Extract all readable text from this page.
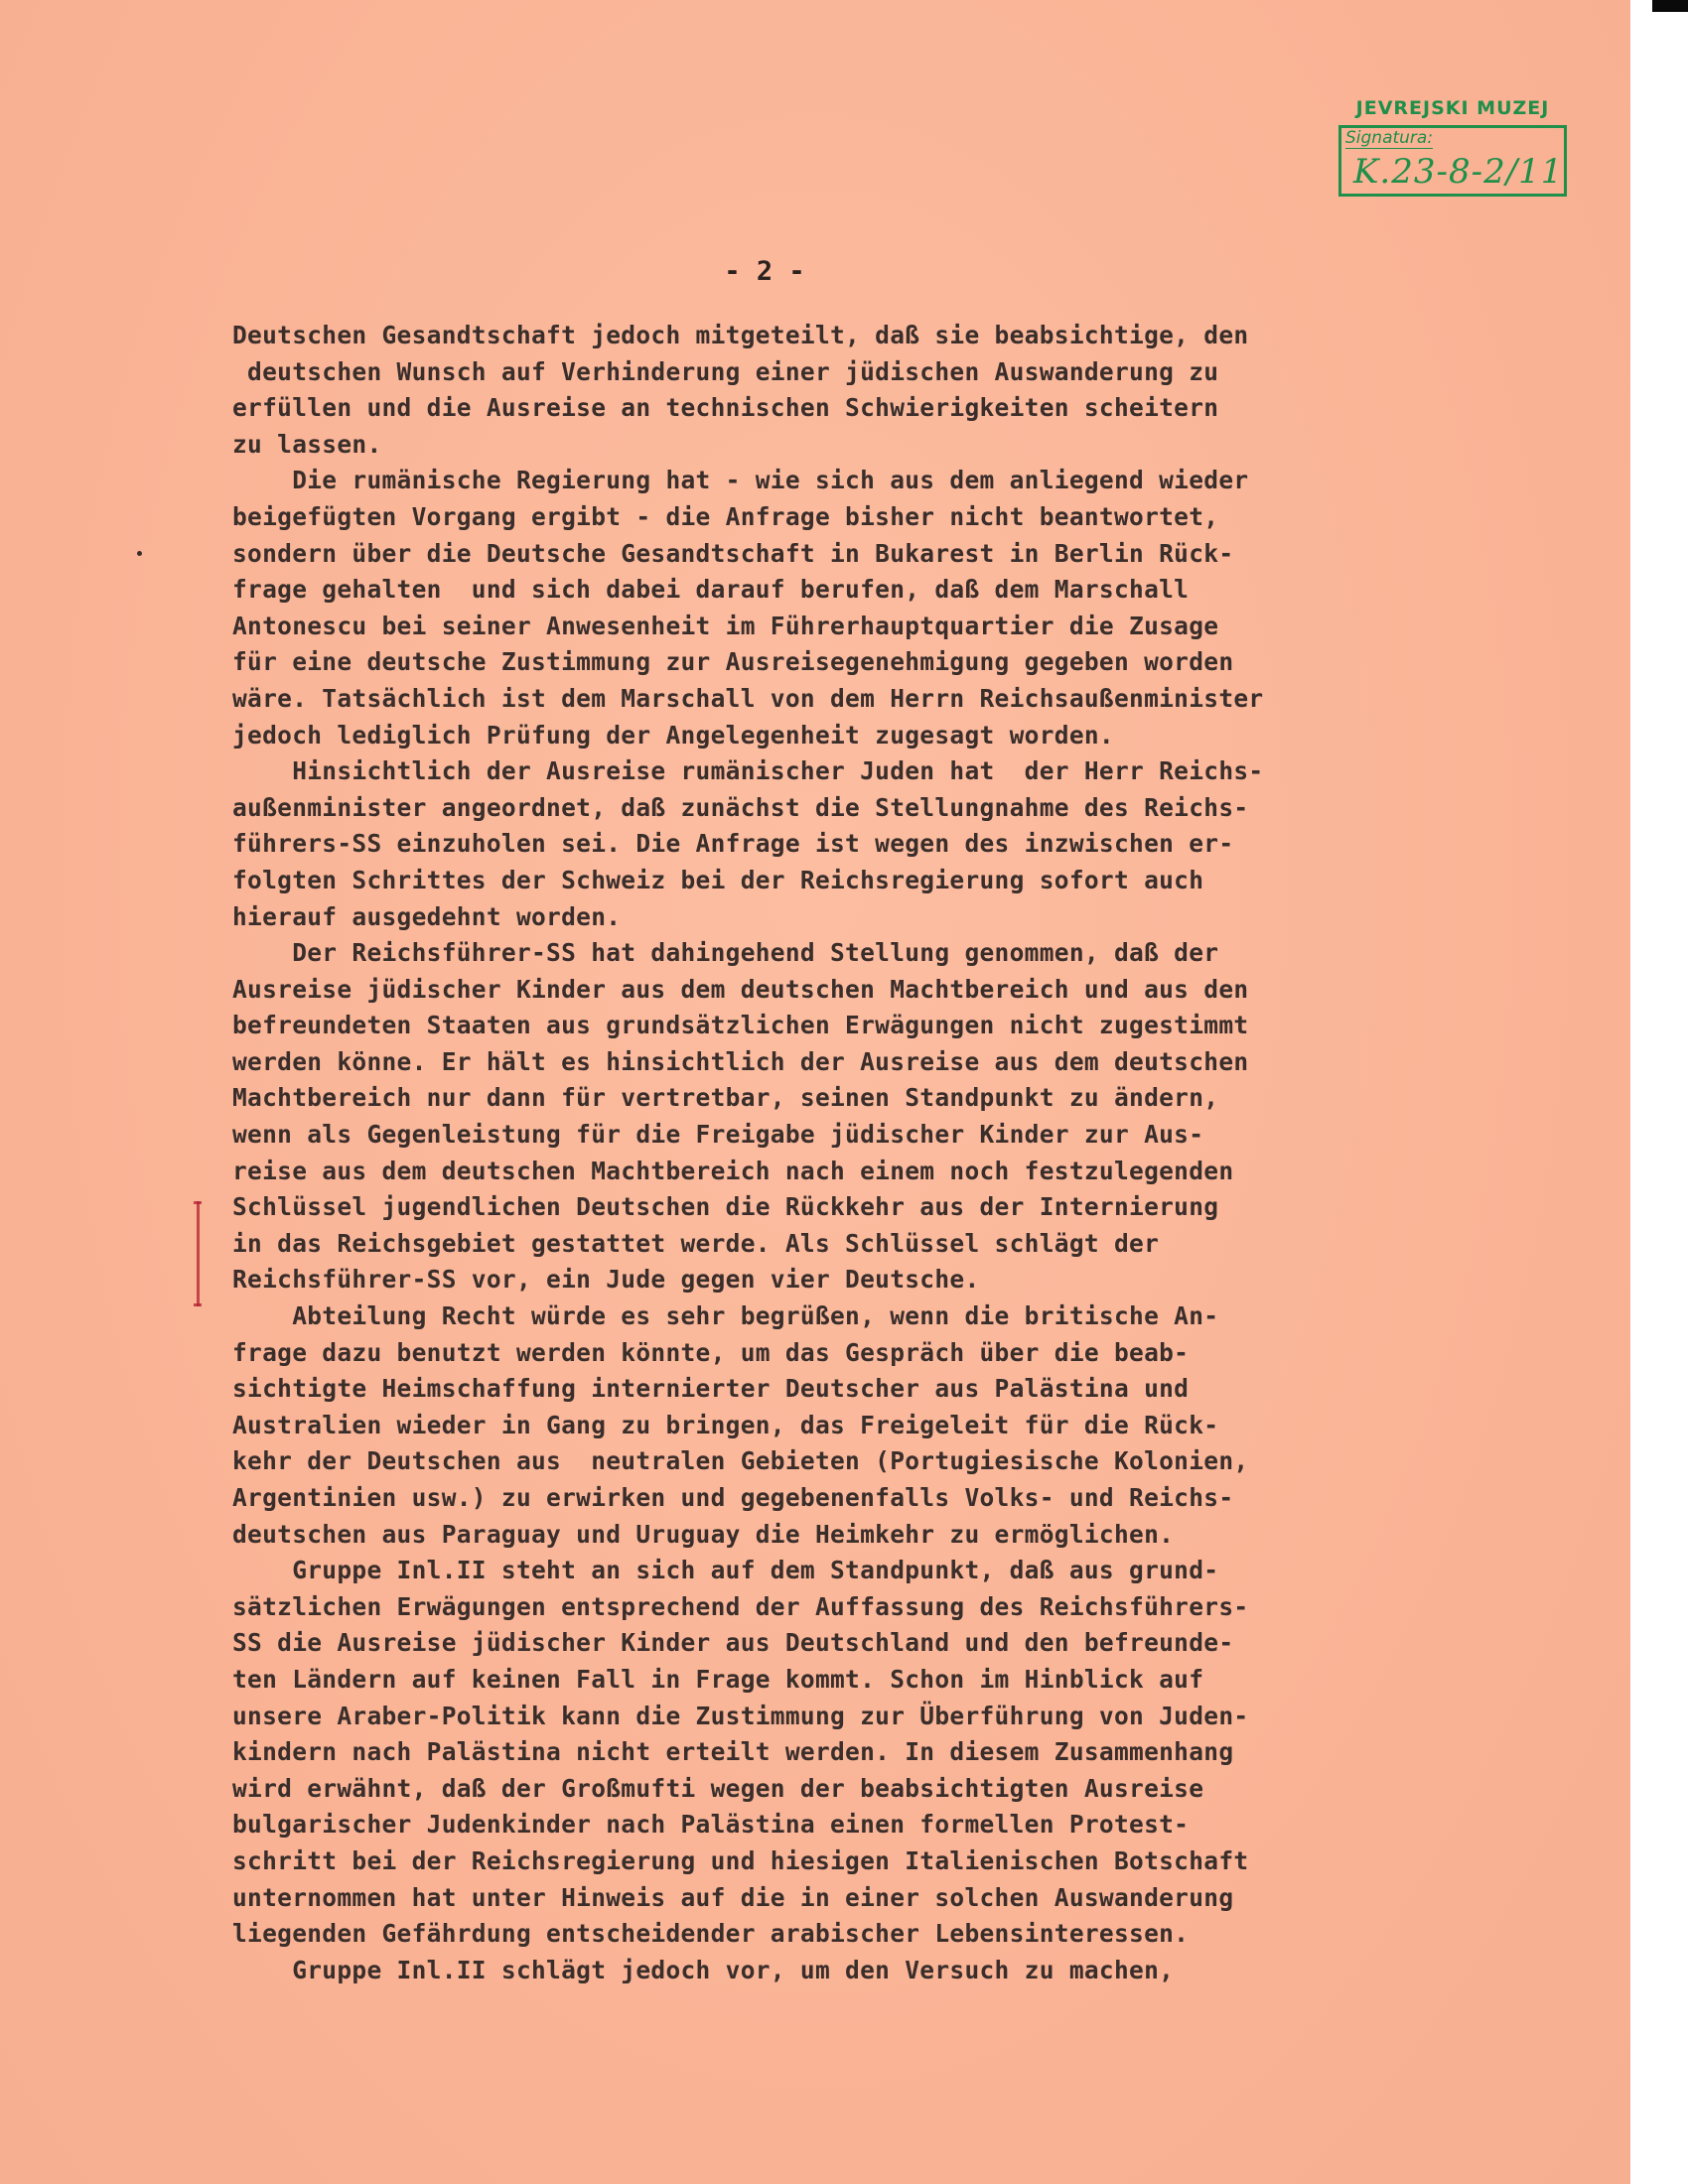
JEVREJSKI MUZEJ
Signatura:
K.23-8-2/11
- 2 -
Deutschen Gesandtschaft jedoch mitgeteilt, daß sie beabsichtige, den
deutschen Wunsch auf Verhinderung einer jüdischen Auswanderung zu
erfüllen und die Ausreise an technischen Schwierigkeiten scheitern
zu lassen.
Die rumänische Regierung hat - wie sich aus dem anliegend wieder
beigefügten Vorgang ergibt - die Anfrage bisher nicht beantwortet,
sondern über die Deutsche Gesandtschaft in Bukarest in Berlin Rück-
frage gehalten  und sich dabei darauf berufen, daß dem Marschall
Antonescu bei seiner Anwesenheit im Führerhauptquartier die Zusage
für eine deutsche Zustimmung zur Ausreisegenehmigung gegeben worden
wäre. Tatsächlich ist dem Marschall von dem Herrn Reichsaußenminister
jedoch lediglich Prüfung der Angelegenheit zugesagt worden.
Hinsichtlich der Ausreise rumänischer Juden hat  der Herr Reichs-
außenminister angeordnet, daß zunächst die Stellungnahme des Reichs-
führers-SS einzuholen sei. Die Anfrage ist wegen des inzwischen er-
folgten Schrittes der Schweiz bei der Reichsregierung sofort auch
hierauf ausgedehnt worden.
Der Reichsführer-SS hat dahingehend Stellung genommen, daß der
Ausreise jüdischer Kinder aus dem deutschen Machtbereich und aus den
befreundeten Staaten aus grundsätzlichen Erwägungen nicht zugestimmt
werden könne. Er hält es hinsichtlich der Ausreise aus dem deutschen
Machtbereich nur dann für vertretbar, seinen Standpunkt zu ändern,
wenn als Gegenleistung für die Freigabe jüdischer Kinder zur Aus-
reise aus dem deutschen Machtbereich nach einem noch festzulegenden
Schlüssel jugendlichen Deutschen die Rückkehr aus der Internierung
in das Reichsgebiet gestattet werde. Als Schlüssel schlägt der
Reichsführer-SS vor, ein Jude gegen vier Deutsche.
Abteilung Recht würde es sehr begrüßen, wenn die britische An-
frage dazu benutzt werden könnte, um das Gespräch über die beab-
sichtigte Heimschaffung internierter Deutscher aus Palästina und
Australien wieder in Gang zu bringen, das Freigeleit für die Rück-
kehr der Deutschen aus  neutralen Gebieten (Portugiesische Kolonien,
Argentinien usw.) zu erwirken und gegebenenfalls Volks- und Reichs-
deutschen aus Paraguay und Uruguay die Heimkehr zu ermöglichen.
Gruppe Inl.II steht an sich auf dem Standpunkt, daß aus grund-
sätzlichen Erwägungen entsprechend der Auffassung des Reichsführers-
SS die Ausreise jüdischer Kinder aus Deutschland und den befreunde-
ten Ländern auf keinen Fall in Frage kommt. Schon im Hinblick auf
unsere Araber-Politik kann die Zustimmung zur Überführung von Juden-
kindern nach Palästina nicht erteilt werden. In diesem Zusammenhang
wird erwähnt, daß der Großmufti wegen der beabsichtigten Ausreise
bulgarischer Judenkinder nach Palästina einen formellen Protest-
schritt bei der Reichsregierung und hiesigen Italienischen Botschaft
unternommen hat unter Hinweis auf die in einer solchen Auswanderung
liegenden Gefährdung entscheidender arabischer Lebensinteressen.
Gruppe Inl.II schlägt jedoch vor, um den Versuch zu machen,
